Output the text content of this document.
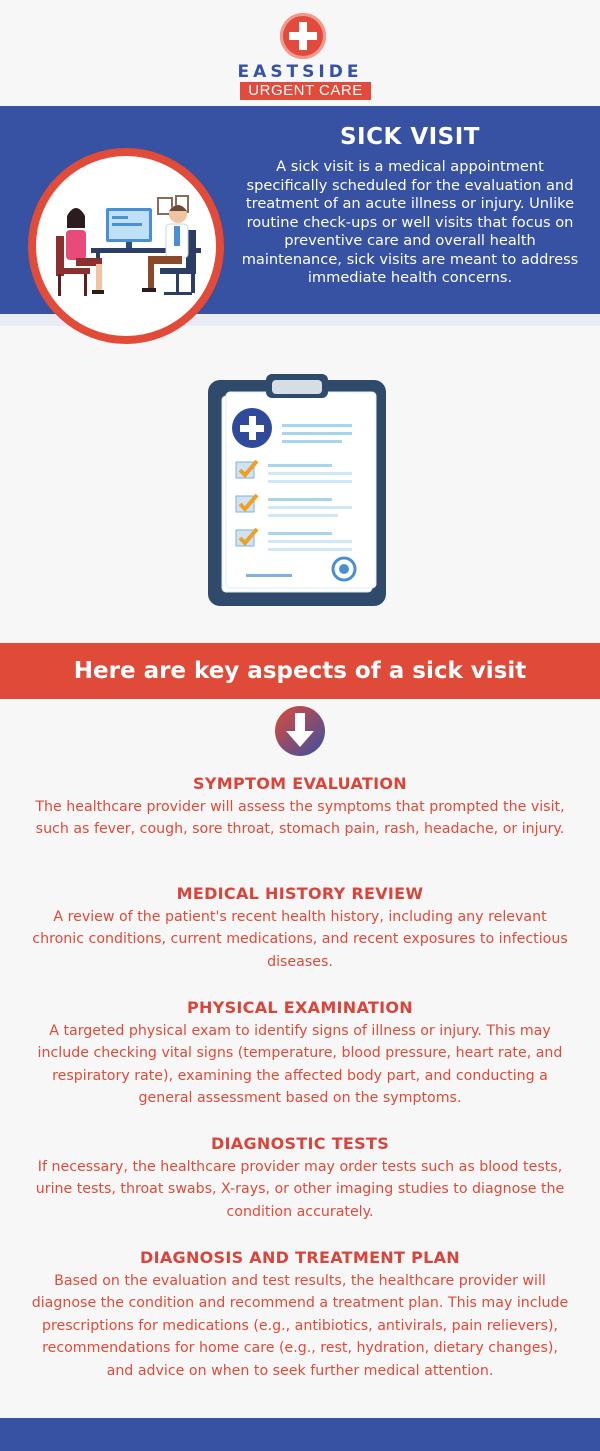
EASTSIDE
URGENT CARE
SICK VISIT
A sick visit is a medical appointment specifically scheduled for the evaluation and treatment of an acute illness or injury. Unlike routine check-ups or well visits that focus on preventive care and overall health maintenance, sick visits are meant to address immediate health concerns.
Here are key aspects of a sick visit
SYMPTOM EVALUATION
The healthcare provider will assess the symptoms that prompted the visit, such as fever, cough, sore throat, stomach pain, rash, headache, or injury.
MEDICAL HISTORY REVIEW
A review of the patient's recent health history, including any relevant chronic conditions, current medications, and recent exposures to infectious diseases.
PHYSICAL EXAMINATION
A targeted physical exam to identify signs of illness or injury. This may include checking vital signs (temperature, blood pressure, heart rate, and respiratory rate), examining the affected body part, and conducting a general assessment based on the symptoms.
DIAGNOSTIC TESTS
If necessary, the healthcare provider may order tests such as blood tests, urine tests, throat swabs, X-rays, or other imaging studies to diagnose the condition accurately.
DIAGNOSIS AND TREATMENT PLAN
Based on the evaluation and test results, the healthcare provider will diagnose the condition and recommend a treatment plan. This may include prescriptions for medications (e.g., antibiotics, antivirals, pain relievers), recommendations for home care (e.g., rest, hydration, dietary changes), and advice on when to seek further medical attention.
